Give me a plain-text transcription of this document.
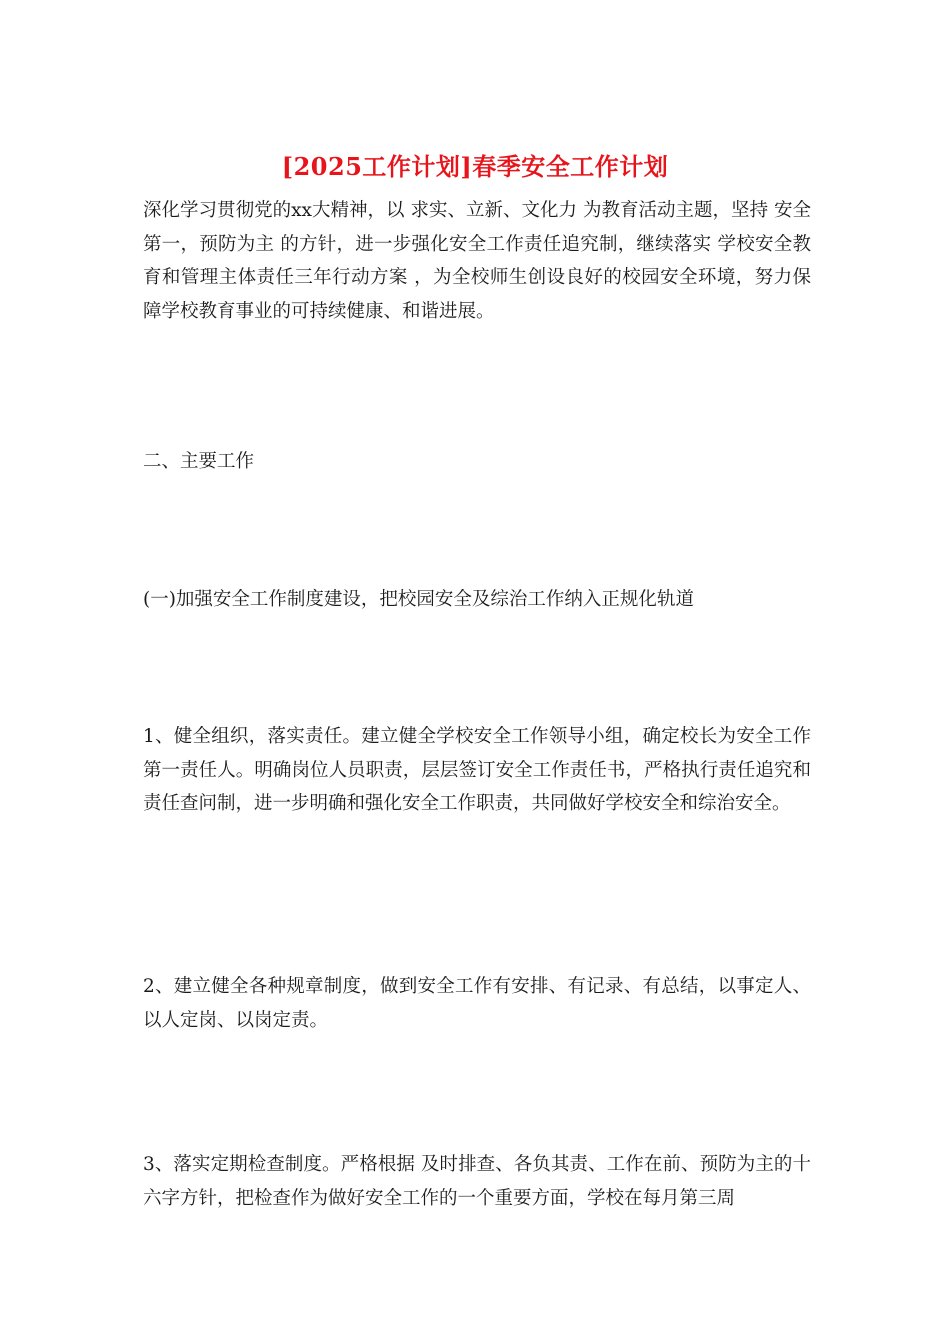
[2025工作计划]春季安全工作计划

深化学习贯彻党的xx大精神，以 求实、立新、文化力 为教育活动主题，坚持 安全第一，预防为主 的方针，进一步强化安全工作责任追究制，继续落实 学校安全教育和管理主体责任三年行动方案 ，为全校师生创设良好的校园安全环境，努力保障学校教育事业的可持续健康、和谐进展。

二、主要工作

(一)加强安全工作制度建设，把校园安全及综治工作纳入正规化轨道

1、健全组织，落实责任。建立健全学校安全工作领导小组，确定校长为安全工作第一责任人。明确岗位人员职责，层层签订安全工作责任书，严格执行责任追究和责任查问制，进一步明确和强化安全工作职责，共同做好学校安全和综治安全。

2、建立健全各种规章制度，做到安全工作有安排、有记录、有总结，以事定人、以人定岗、以岗定责。

3、落实定期检查制度。严格根据 及时排查、各负其责、工作在前、预防为主的十六字方针，把检查作为做好安全工作的一个重要方面，学校在每月第三周
